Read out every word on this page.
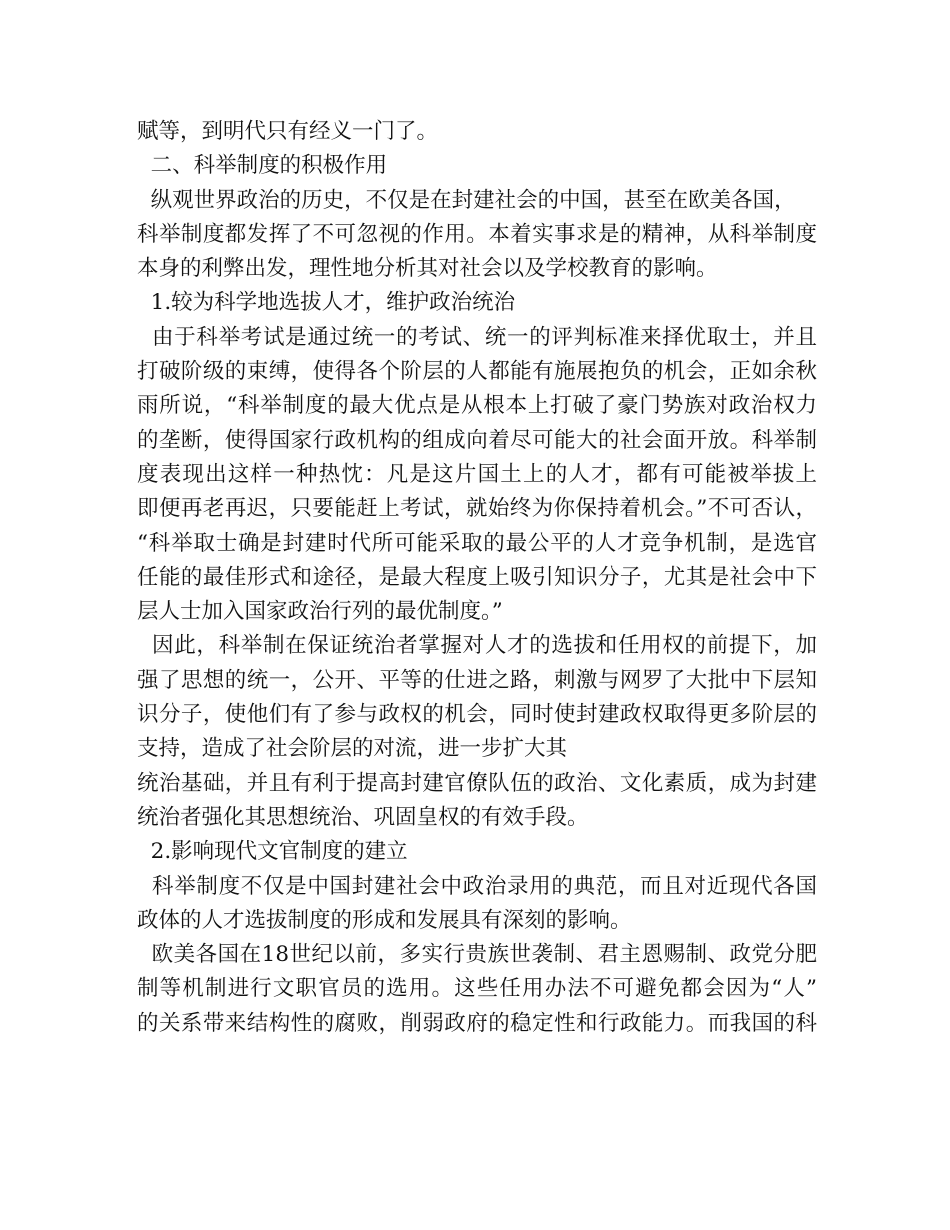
赋等，到明代只有经义一门了。
二、科举制度的积极作用
纵观世界政治的历史，不仅是在封建社会的中国，甚至在欧美各国，
科举制度都发挥了不可忽视的作用。本着实事求是的精神，从科举制度
本身的利弊出发，理性地分析其对社会以及学校教育的影响。
1.较为科学地选拔人才，维护政治统治
由于科举考试是通过统一的考试、统一的评判标准来择优取士，并且
打破阶级的束缚，使得各个阶层的人都能有施展抱负的机会，正如余秋
雨所说，“科举制度的最大优点是从根本上打破了豪门势族对政治权力
的垄断，使得国家行政机构的组成向着尽可能大的社会面开放。科举制
度表现出这样一种热忱：凡是这片国土上的人才，都有可能被举拔上
即便再老再迟，只要能赶上考试，就始终为你保持着机会。”不可否认，
“科举取士确是封建时代所可能采取的最公平的人才竞争机制，是选官
任能的最佳形式和途径，是最大程度上吸引知识分子，尤其是社会中下
层人士加入国家政治行列的最优制度。”
因此，科举制在保证统治者掌握对人才的选拔和任用权的前提下，加
强了思想的统一，公开、平等的仕进之路，刺激与网罗了大批中下层知
识分子，使他们有了参与政权的机会，同时使封建政权取得更多阶层的
支持，造成了社会阶层的对流，进一步扩大其
统治基础，并且有利于提高封建官僚队伍的政治、文化素质，成为封建
统治者强化其思想统治、巩固皇权的有效手段。
2.影响现代文官制度的建立
科举制度不仅是中国封建社会中政治录用的典范，而且对近现代各国
政体的人才选拔制度的形成和发展具有深刻的影响。
欧美各国在18世纪以前，多实行贵族世袭制、君主恩赐制、政党分肥
制等机制进行文职官员的选用。这些任用办法不可避免都会因为“人”
的关系带来结构性的腐败，削弱政府的稳定性和行政能力。而我国的科
